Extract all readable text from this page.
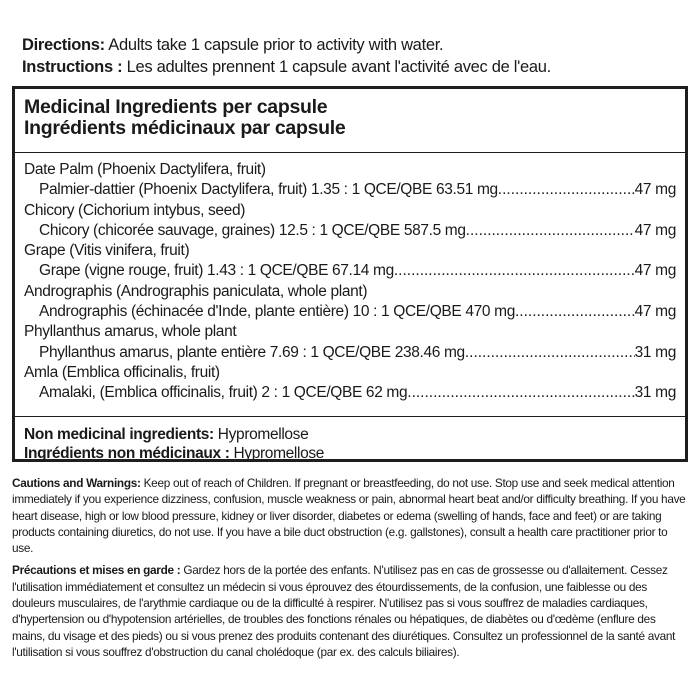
Directions: Adults take 1 capsule prior to activity with water.
Instructions : Les adultes prennent 1 capsule avant l'activité avec de l'eau.
Medicinal Ingredients per capsule
Ingrédients médicinaux par capsule
Date Palm (Phoenix Dactylifera, fruit)
Palmier-dattier (Phoenix Dactylifera, fruit) 1.35 : 1 QCE/QBE 63.51 mg .....	47 mg
Chicory (Cichorium intybus, seed)
Chicory (chicorée sauvage, graines) 12.5 : 1 QCE/QBE 587.5 mg .....	47 mg
Grape (Vitis vinifera, fruit)
Grape (vigne rouge, fruit) 1.43 : 1 QCE/QBE 67.14 mg .....	47 mg
Andrographis (Andrographis paniculata, whole plant)
Andrographis (échinacée d'Inde, plante entière) 10 : 1 QCE/QBE 470 mg .....	47 mg
Phyllanthus amarus, whole plant
Phyllanthus amarus, plante entière 7.69 : 1 QCE/QBE 238.46 mg .....	31 mg
Amla (Emblica officinalis, fruit)
Amalaki, (Emblica officinalis, fruit) 2 : 1 QCE/QBE 62 mg .....	31 mg
Non medicinal ingredients: Hypromellose
Ingrédients non médicinaux : Hypromellose

Cautions and Warnings: Keep out of reach of Children. If pregnant or breastfeeding, do not use. Stop use and seek medical attention immediately if you experience dizziness, confusion, muscle weakness or pain, abnormal heart beat and/or difficulty breathing. If you have heart disease, high or low blood pressure, kidney or liver disorder, diabetes or edema (swelling of hands, face and feet) or are taking products containing diuretics, do not use. If you have a bile duct obstruction (e.g. gallstones), consult a health care practitioner prior to use.

Précautions et mises en garde : Gardez hors de la portée des enfants. N'utilisez pas en cas de grossesse ou d'allaitement. Cessez l'utilisation immédiatement et consultez un médecin si vous éprouvez des étourdissements, de la confusion, une faiblesse ou des douleurs musculaires, de l'arythmie cardiaque ou de la difficulté à respirer. N'utilisez pas si vous souffrez de maladies cardiaques, d'hypertension ou d'hypotension artérielles, de troubles des fonctions rénales ou hépatiques, de diabètes ou d'œdème (enflure des mains, du visage et des pieds) ou si vous prenez des produits contenant des diurétiques. Consultez un professionnel de la santé avant l'utilisation si vous souffrez d'obstruction du canal cholédoque (par ex. des calculs biliaires).
